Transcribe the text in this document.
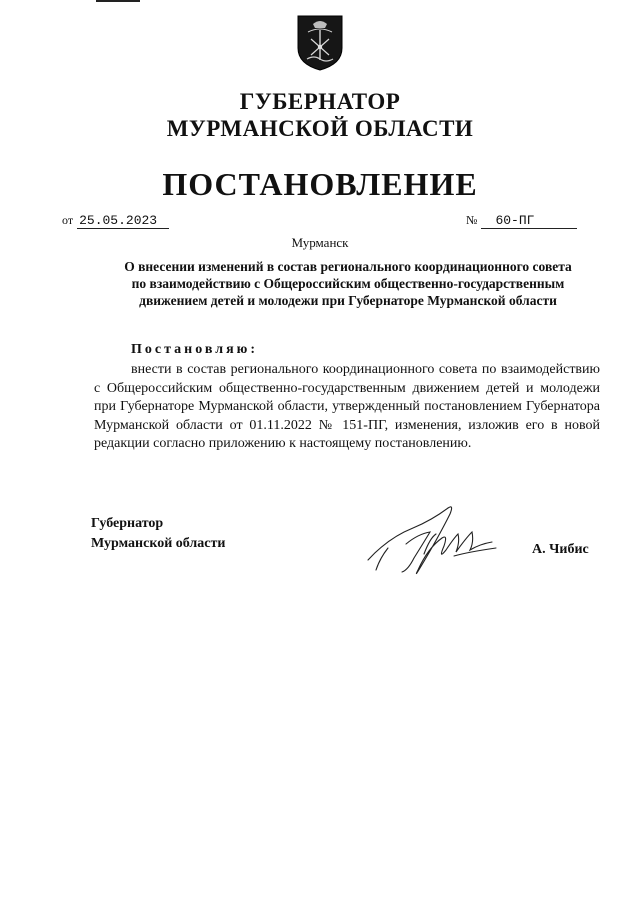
ГУБЕРНАТОР
МУРМАНСКОЙ ОБЛАСТИ
ПОСТАНОВЛЕНИЕ
от 25.05.2023	№ 60-ПГ
Мурманск
О внесении изменений в состав регионального координационного совета
по взаимодействию с Общероссийским общественно-государственным
движением детей и молодежи при Губернаторе Мурманской области
Постановляю:
внести в состав регионального координационного совета по взаимодействию с Общероссийским общественно-государственным движением детей и молодежи при Губернаторе Мурманской области, утвержденный постановлением Губернатора Мурманской области от 01.11.2022 № 151-ПГ, изменения, изложив его в новой редакции согласно приложению к настоящему постановлению.
Губернатор
Мурманской области	А. Чибис
